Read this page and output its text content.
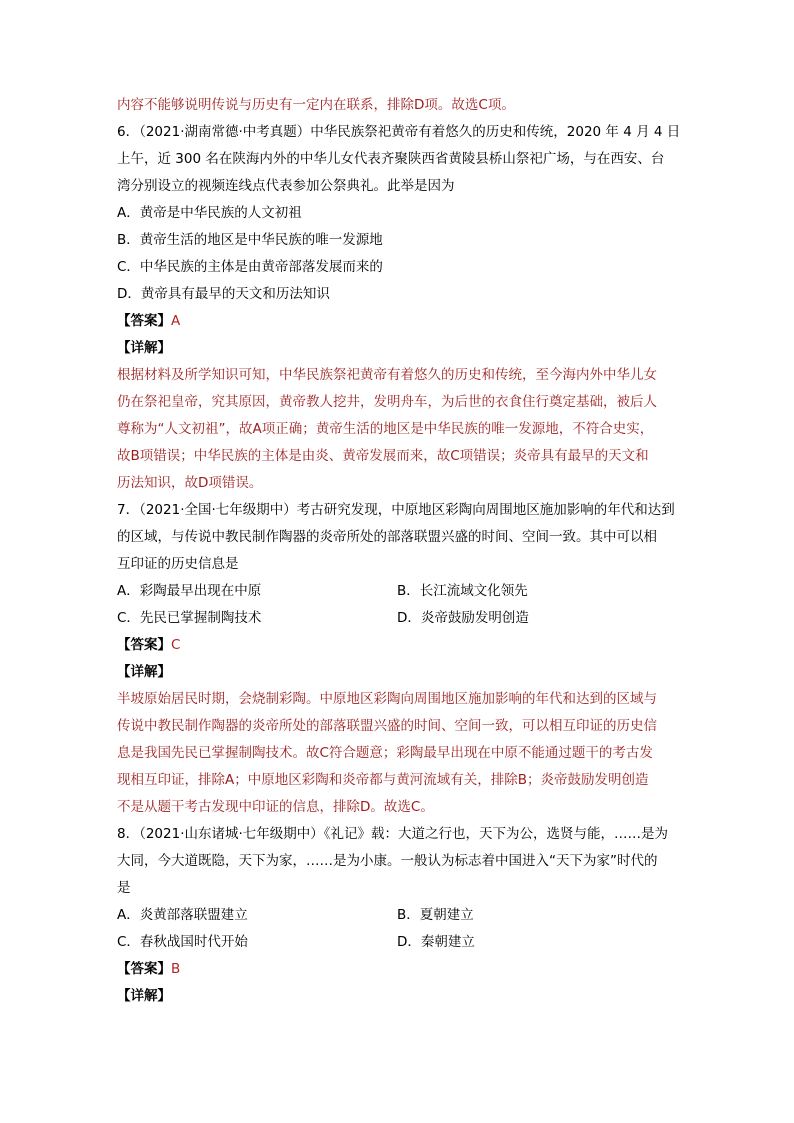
内容不能够说明传说与历史有一定内在联系，排除D项。故选C项。
6．（2021·湖南常德·中考真题）中华民族祭祀黄帝有着悠久的历史和传统，2020 年 4 月 4 日
上午，近 300 名在陕海内外的中华儿女代表齐聚陕西省黄陵县桥山祭祀广场，与在西安、台
湾分别设立的视频连线点代表参加公祭典礼。此举是因为
A．黄帝是中华民族的人文初祖
B．黄帝生活的地区是中华民族的唯一发源地
C．中华民族的主体是由黄帝部落发展而来的
D．黄帝具有最早的天文和历法知识
【答案】A
【详解】
根据材料及所学知识可知，中华民族祭祀黄帝有着悠久的历史和传统，至今海内外中华儿女
仍在祭祀皇帝，究其原因，黄帝教人挖井，发明舟车，为后世的衣食住行奠定基础，被后人
尊称为“人文初祖”，故A项正确；黄帝生活的地区是中华民族的唯一发源地，不符合史实，
故B项错误；中华民族的主体是由炎、黄帝发展而来，故C项错误；炎帝具有最早的天文和
历法知识，故D项错误。
7．（2021·全国·七年级期中）考古研究发现，中原地区彩陶向周围地区施加影响的年代和达到
的区域，与传说中教民制作陶器的炎帝所处的部落联盟兴盛的时间、空间一致。其中可以相
互印证的历史信息是
A．彩陶最早出现在中原	B．长江流域文化领先
C．先民已掌握制陶技术	D．炎帝鼓励发明创造
【答案】C
【详解】
半坡原始居民时期，会烧制彩陶。中原地区彩陶向周围地区施加影响的年代和达到的区域与
传说中教民制作陶器的炎帝所处的部落联盟兴盛的时间、空间一致，可以相互印证的历史信
息是我国先民已掌握制陶技术。故C符合题意；彩陶最早出现在中原不能通过题干的考古发
现相互印证，排除A；中原地区彩陶和炎帝都与黄河流域有关，排除B；炎帝鼓励发明创造
不是从题干考古发现中印证的信息，排除D。故选C。
8．（2021·山东诸城·七年级期中）《礼记》载：大道之行也，天下为公，选贤与能，……是为
大同，今大道既隐，天下为家，……是为小康。一般认为标志着中国进入“天下为家”时代的
是
A．炎黄部落联盟建立	B．夏朝建立
C．春秋战国时代开始	D．秦朝建立
【答案】B
【详解】
